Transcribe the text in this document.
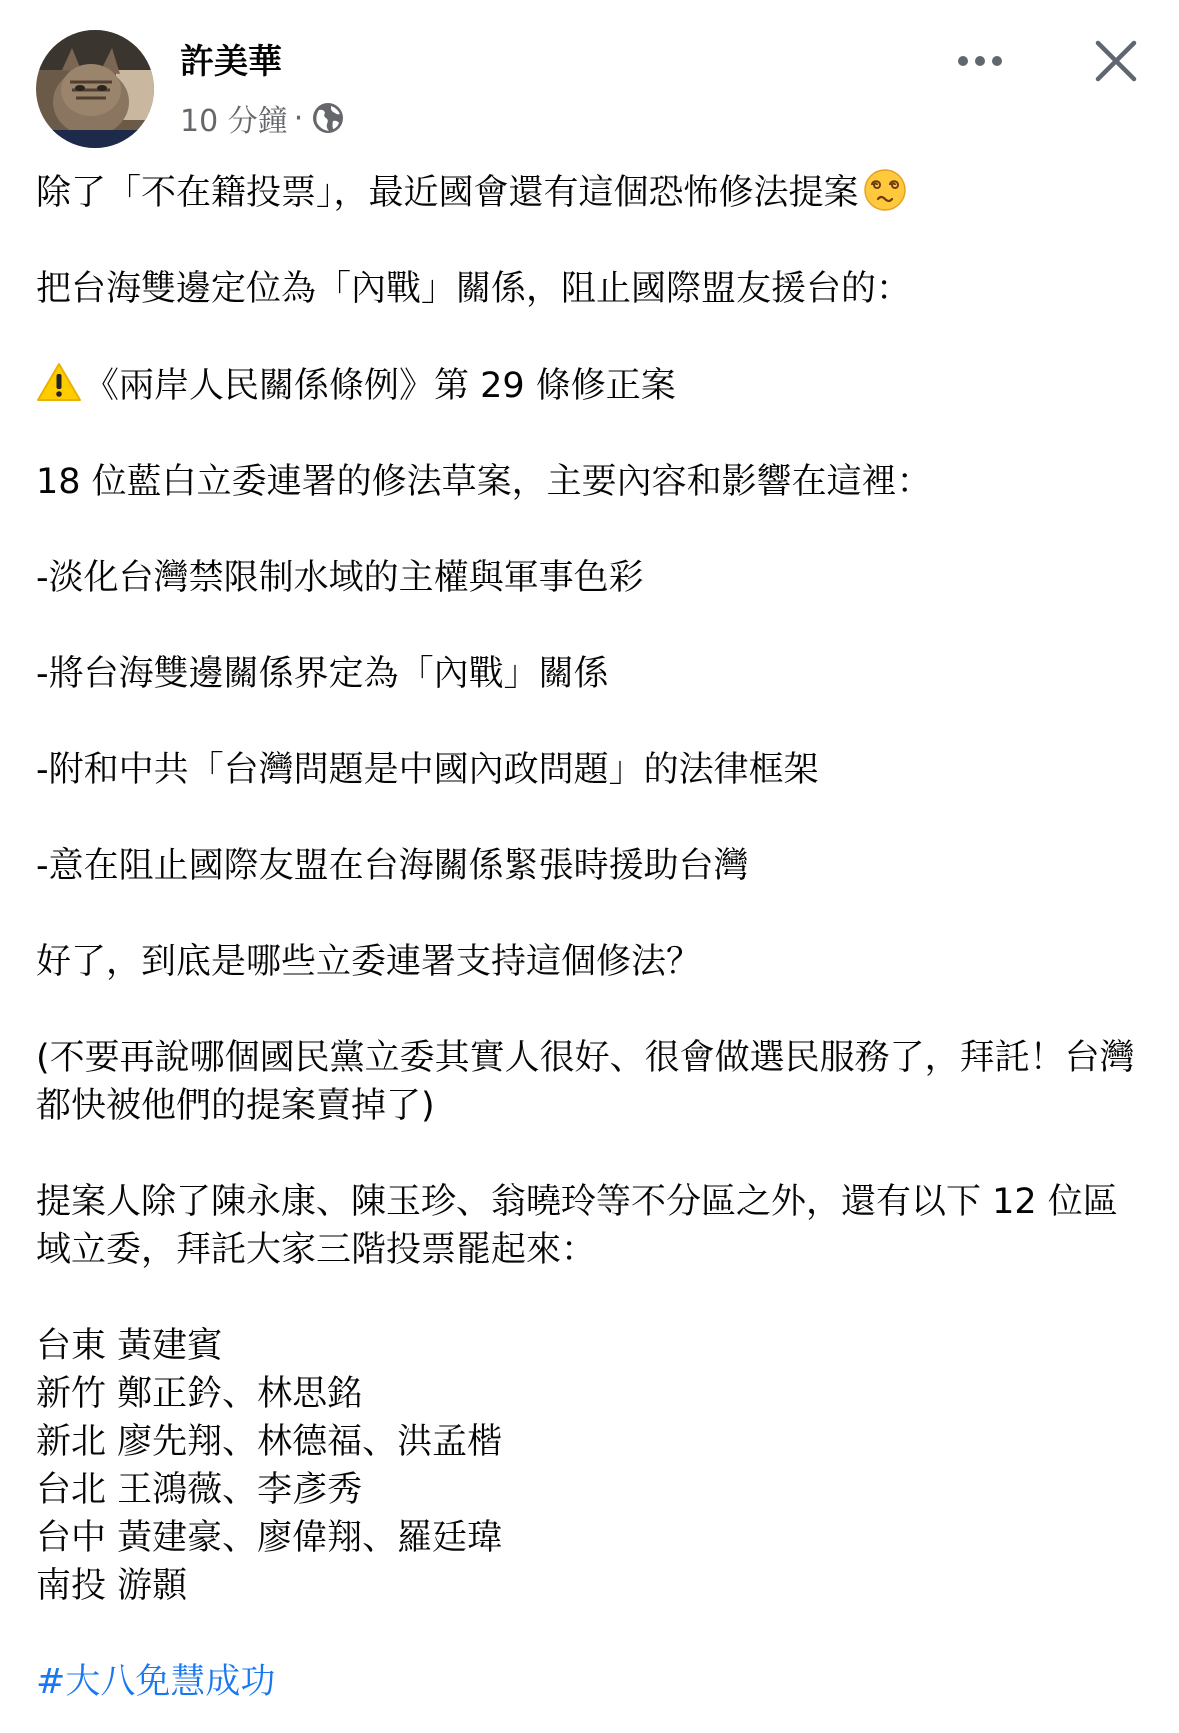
許美華
10 分鐘 ·
除了「不在籍投票」，最近國會還有這個恐怖修法提案
把台海雙邊定位為「內戰」關係，阻止國際盟友援台的：
《兩岸人民關係條例》第 29 條修正案
18 位藍白立委連署的修法草案，主要內容和影響在這裡：
-淡化台灣禁限制水域的主權與軍事色彩
-將台海雙邊關係界定為「內戰」關係
-附和中共「台灣問題是中國內政問題」的法律框架
-意在阻止國際友盟在台海關係緊張時援助台灣
好了，到底是哪些立委連署支持這個修法？
(不要再說哪個國民黨立委其實人很好、很會做選民服務了，拜託！台灣都快被他們的提案賣掉了)
提案人除了陳永康、陳玉珍、翁曉玲等不分區之外，還有以下 12 位區域立委，拜託大家三階投票罷起來：
台東 黃建賓
新竹 鄭正鈐、林思銘
新北 廖先翔、林德福、洪孟楷
台北 王鴻薇、李彥秀
台中 黃建豪、廖偉翔、羅廷瑋
南投 游顥
#大八免慧成功
